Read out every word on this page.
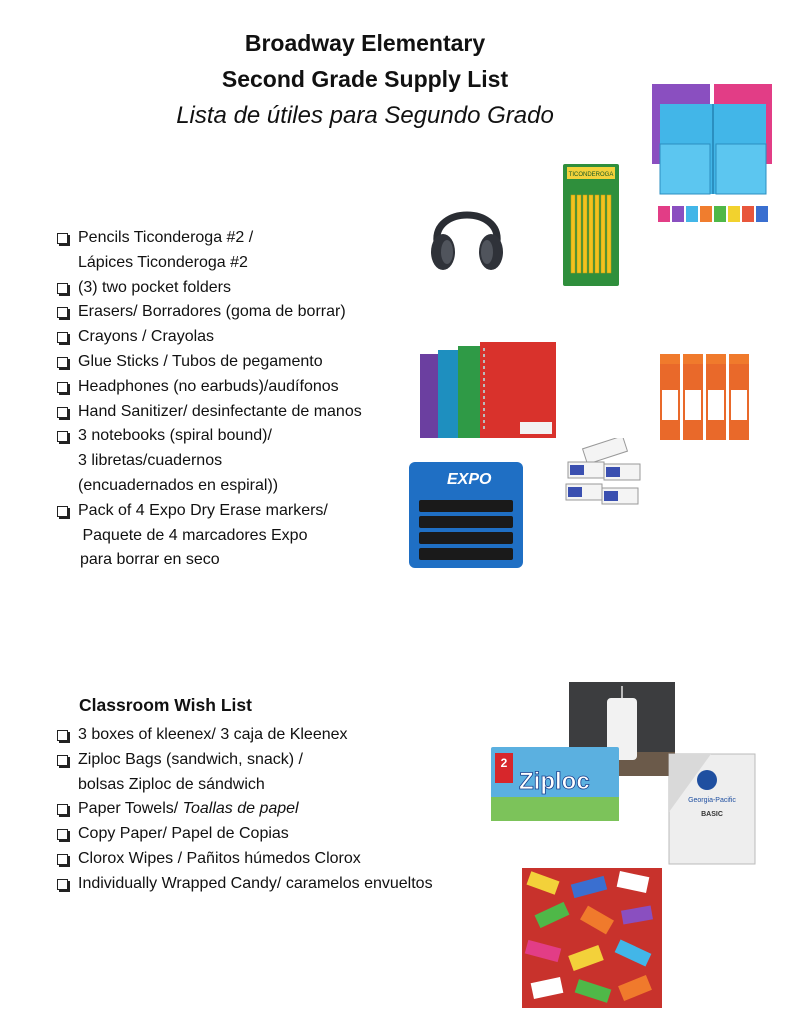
Broadway Elementary
Second Grade Supply List
Lista de útiles para Segundo Grado
Pencils Ticonderoga #2 /
Lápices Ticonderoga #2
(3) two pocket folders
Erasers/ Borradores (goma de borrar)
Crayons / Crayolas
Glue Sticks / Tubos de pegamento
Headphones (no earbuds)/audífonos
Hand Sanitizer/ desinfectante de manos
3 notebooks (spiral bound)/
3 libretas/cuadernos
(encuadernados en espiral))
Pack of 4 Expo Dry Erase markers/
Paquete de 4 marcadores Expo
para borrar en seco
Classroom Wish List
3 boxes of kleenex/ 3 caja de Kleenex
Ziploc Bags (sandwich, snack) /
bolsas Ziploc de sándwich
Paper Towels/ Toallas de papel
Copy Paper/ Papel de Copias
Clorox Wipes / Pañitos húmedos Clorox
Individually Wrapped Candy/ caramelos envueltos
TICONDEROGA
EXPO
2
Ziploc
Georgia-Pacific
BASIC
